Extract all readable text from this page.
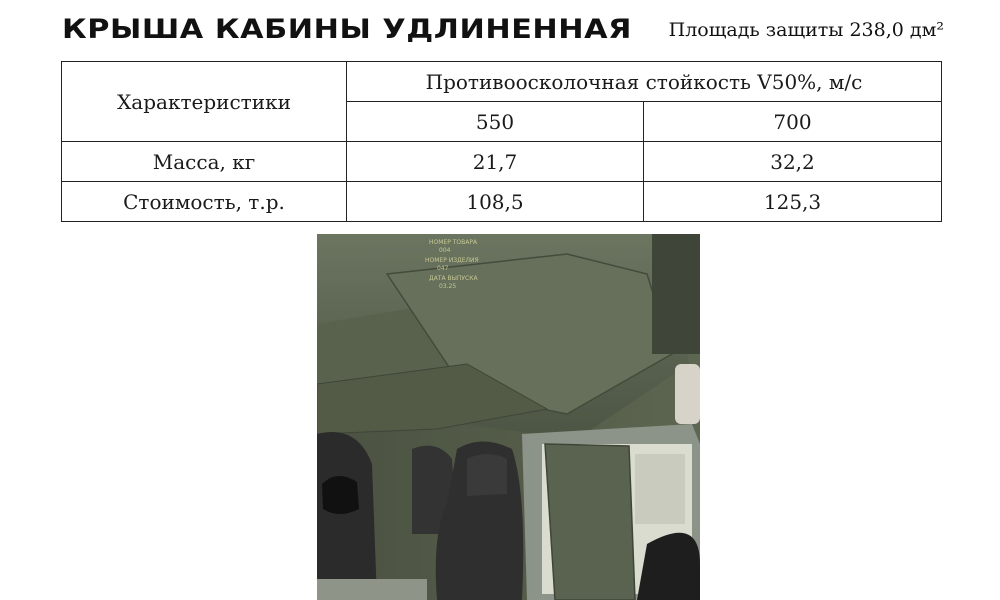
КРЫША КАБИНЫ УДЛИНЕННАЯ Площадь защиты 238,0 дм²
Характеристики	Противоосколочная стойкость V50%, м/с	
	550	700
Масса, кг	21,7	32,2
Стоимость, т.р.	108,5	125,3
НОМЕР ТОВАРА
004
НОМЕР ИЗДЕЛИЯ
047
ДАТА ВЫПУСКА
03.25
